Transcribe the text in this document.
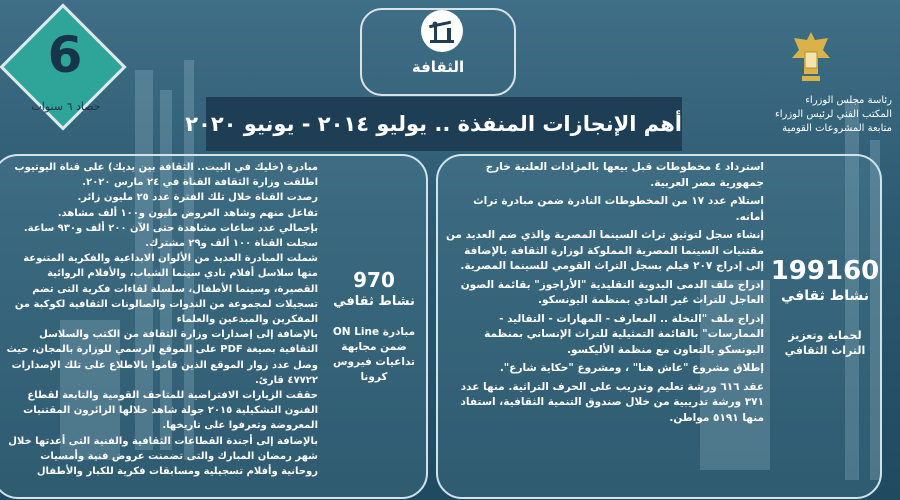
6
حصاد ٦ سنوات
الثقافة
أهم الإنجازات المنفذة .. يوليو ٢٠١٤ - يونيو ٢٠٢٠
رئاسة مجلس الوزراء
المكتب الفني لرئيس الوزراء
متابعة المشروعات القومية
استرداد ٤ مخطوطات قبل بيعها بالمزادات العلنية خارج جمهورية مصر العربية.
استلام عدد ١٧ من المخطوطات النادرة ضمن مبادرة تراث أمانه.
إنشاء سجل لتوثيق تراث السينما المصرية والذي ضم العديد من مقتنيات السينما المصرية المملوكة لوزارة الثقافة بالإضافة إلى إدراج ٢٠٧ فيلم بسجل التراث القومي للسينما المصرية.
إدراج ملف الدمى اليدوية التقليدية "الأراجوز" بقائمة الصون العاجل للتراث غير المادي بمنظمة اليونسكو.
إدراج ملف "النخلة .. المعارف - المهارات - التقاليد - الممارسات" بالقائمة التمثيلية للتراث الإنساني بمنظمة اليونسكو بالتعاون مع منظمة الأليكسو.
إطلاق مشروع "عاش هنا" ، ومشروع "حكاية شارع".
عقد ٦١٦ ورشة تعليم وتدريب على الحرف التراثية. منها عدد ٣٧١ ورشة تدريبية من خلال صندوق التنمية الثقافية، استفاد منها ٥١٩١ مواطن.
199160
نشاط ثقافي
لحماية وتعزيز
التراث الثقافي
مبادرة (خليك في البيت.. الثقافة بين يديك) على قناة اليوتيوب
اطلقت وزارة الثقافة القناة في ٢٤ مارس ٢٠٢٠.
رصدت القناة خلال تلك الفترة عدد ٢٥ مليون زائر.
تفاعل منهم وشاهد العروض مليون و١٠٠ ألف مشاهد.
بإجمالي عدد ساعات مشاهدة حتى الآن ٢٠٠ ألف و٩٣٠ ساعة.
سجلت القناة ١٠٠ ألف و٢٩ مشترك.
شملت المبادرة العديد من الألوان الابداعية والفكرية المتنوعة منها سلاسل أفلام نادي سينما الشباب، والأفلام الروائية القصيرة، وسينما الأطفال، سلسلة لقاءات فكرية التى تضم تسجيلات لمجموعة من الندوات والصالونات الثقافية لكوكبة من المفكرين والمبدعين والعلماء
بالإضافة إلى إصدارات وزارة الثقافة من الكتب والسلاسل الثقافية بصيغة PDF على الموقع الرسمي للوزارة بالمجان، حيث وصل عدد زوار الموقع الذين قاموا بالاطلاع على تلك الإصدارات ٤٧٧٢٢ قارئ.
حققت الزيارات الافتراضية للمتاحف القومية والتابعة لقطاع الفنون التشكيلية ٢٠١٥ جولة شاهد خلالها الزائرون المقتنيات المعروضة وتعرفوا على تاريخها.
بالإضافة إلى أجندة القطاعات الثقافية والفنية التى أعدتها خلال شهر رمضان المبارك والتى تضمنت عروض فنية وأمسيات روحانية وأفلام تسجيلية ومسابقات فكرية للكبار والأطفال
970
نشاط ثقافي
مبادرة ON Line
ضمن مجابهة
تداعيات فيروس
كرونا
